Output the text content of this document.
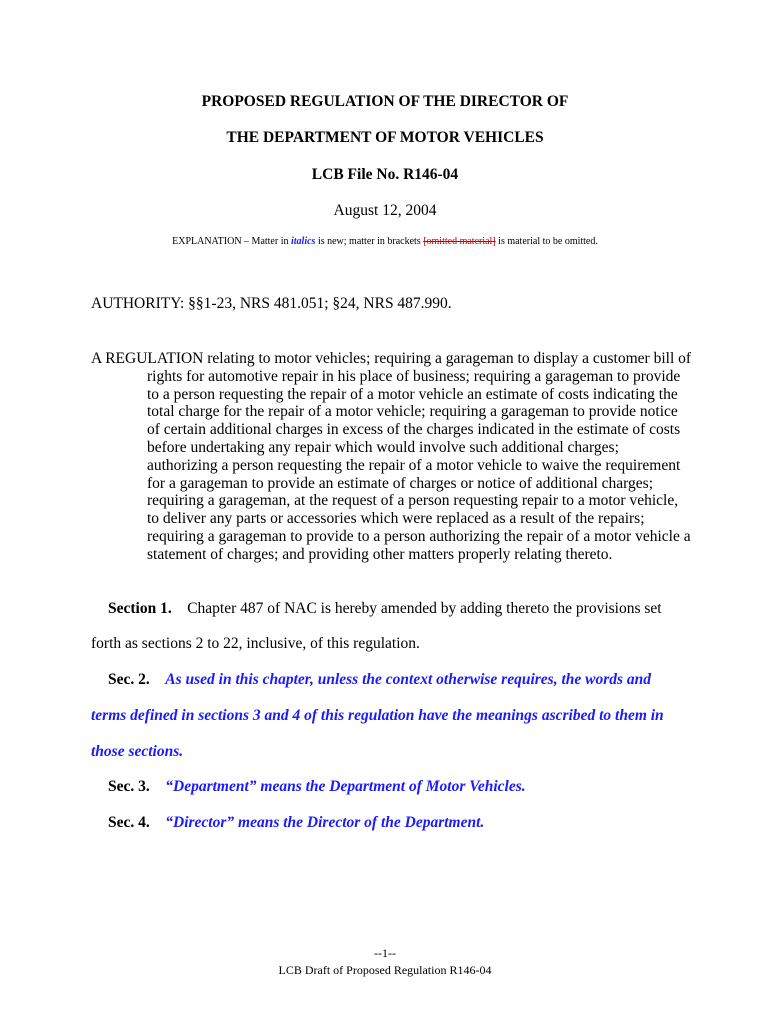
PROPOSED REGULATION OF THE DIRECTOR OF
THE DEPARTMENT OF MOTOR VEHICLES
LCB File No. R146-04
August 12, 2004
EXPLANATION – Matter in italics is new; matter in brackets [omitted material] is material to be omitted.
AUTHORITY: §§1-23, NRS 481.051; §24, NRS 487.990.
A REGULATION relating to motor vehicles; requiring a garageman to display a customer bill of
rights for automotive repair in his place of business; requiring a garageman to provide
to a person requesting the repair of a motor vehicle an estimate of costs indicating the
total charge for the repair of a motor vehicle; requiring a garageman to provide notice
of certain additional charges in excess of the charges indicated in the estimate of costs
before undertaking any repair which would involve such additional charges;
authorizing a person requesting the repair of a motor vehicle to waive the requirement
for a garageman to provide an estimate of charges or notice of additional charges;
requiring a garageman, at the request of a person requesting repair to a motor vehicle,
to deliver any parts or accessories which were replaced as a result of the repairs;
requiring a garageman to provide to a person authorizing the repair of a motor vehicle a
statement of charges; and providing other matters properly relating thereto.
Section 1. Chapter 487 of NAC is hereby amended by adding thereto the provisions set
forth as sections 2 to 22, inclusive, of this regulation.
Sec. 2. As used in this chapter, unless the context otherwise requires, the words and
terms defined in sections 3 and 4 of this regulation have the meanings ascribed to them in
those sections.
Sec. 3. “Department” means the Department of Motor Vehicles.
Sec. 4. “Director” means the Director of the Department.
--1--
LCB Draft of Proposed Regulation R146-04
